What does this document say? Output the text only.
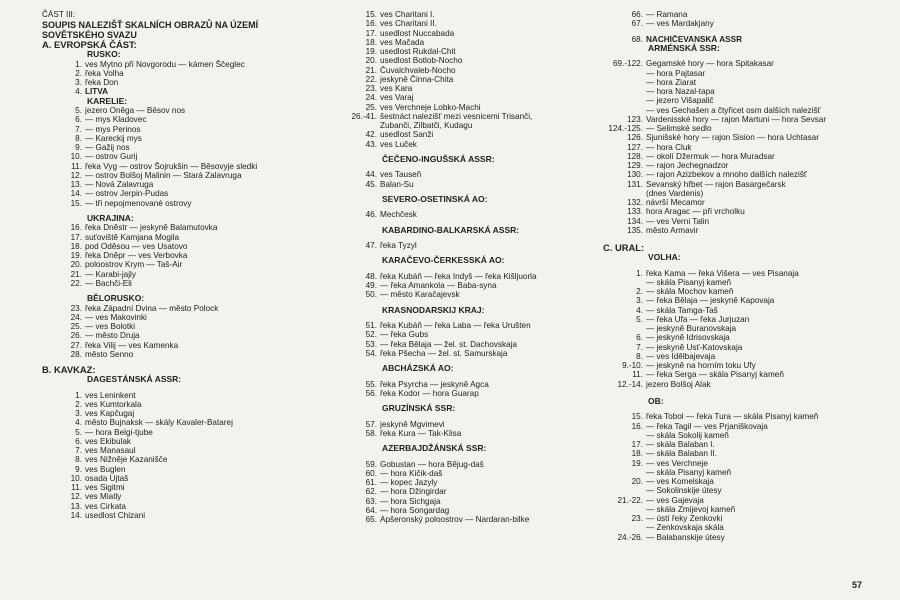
ČÁST III:
SOUPIS NALEZIŠŤ SKALNÍCH OBRAZŮ NA ÚZEMÍ
SOVĚTSKÉHO SVAZU
A. EVROPSKÁ ČÁST:
RUSKO:
1. ves Mytno při Novgorodu — kámen Ščeglec
2. řeka Volha
3. řeka Don
4. LITVA
KARELIE:
5. jezero Oněga — Běsov nos
6. — mys Kladovec
7. — mys Perinos
8. — Kareckij mys
9. — Gažij nos
10. — ostrov Gurij
11. řeka Vyg — ostrov Šojrukšin — Běsovyje sledki
12. — ostrov Bolšoj Malinin — Stará Zalavruga
13. — Nová Zalavruga
14. — ostrov Jerpin-Pudas
15. — tři nepojmenované ostrovy
UKRAJINA:
16. řeka Dněstr — jeskyně Balamutovka
17. suťoviště Kamjana Mogila
18. pod Oděsou — ves Usatovo
19. řeka Dněpr — ves Verbovka
20. poloostrov Krym — Taš-Air
21. — Karabi-jajly
22. — Bachči-Eli
BĚLORUSKO:
23. řeka Západní Dvina — město Polock
24. — ves Makovinki
25. — ves Bolotki
26. — město Druja
27. řeka Vilij — ves Kamenka
28. město Senno
B. KAVKAZ:
DAGESTÁNSKÁ ASSR:
1. ves Leninkent
2. ves Kumtorkala
3. ves Kapčugaj
4. město Bujnaksk — skály Kavaler-Batarej
5. — hora Belgi-tjube
6. ves Ekibulak
7. ves Manasaul
8. ves Nižněje Kazaniščе
9. ves Buglen
10. osada Ujtaš
11. ves Sigitmi
12. ves Miatly
13. ves Cirkata
14. usedlost Chizani
15. ves Charitani I.
16. ves Charitani II.
17. usedlost Nuccabada
18. ves Mačada
19. usedlost Rukdal-Chit
20. usedlost Botlob-Nocho
21. Čuvalchvaleb-Nocho
22. jeskyně Činna-Chita
23. ves Kara
24. ves Varaj
25. ves Verchneje Lobko-Machi
26.-41. šestnáct nalezišť mezi vesnicemi Trisanči,
Zubanči, Zilbatči, Kudagu
42. usedlost Sanži
43. ves Luček
ČEČENO-INGUŠSKÁ ASSR:
44. ves Tauseň
45. Balan-Su
SEVERO-OSETINSKÁ AO:
46. Mechčesk
KABARDINO-BALKARSKÁ ASSR:
47. řeka Tyzyl
KARAČEVO-ČERKESSKÁ AO:
48. řeka Kubáň — řeka Indyš — řeka Kišljuorla
49. — řeka Amankola — Baba-syna
50. — město Karačajevsk
KRASNODARSKIJ KRAJ:
51. řeka Kubáň — řeka Laba — řeka Urušten
52. — řeka Gubs
53. — řeka Bělaja — žel. st. Dachovskaja
54. řeka Pšecha — žel. st. Samurskaja
ABCHÁZSKÁ AO:
55. řeka Psyrcha — jeskyně Agca
56. řeka Kodor — hora Guarap
GRUZÍNSKÁ SSR:
57. jeskyně Mgvimevi
58. řeka Kura — Tak-Klisa
AZERBAJDŽÁNSKÁ SSR:
59. Gobustan — hora Bějug-daš
60. — hora Kičik-daš
61. — kopec Jazyly
62. — hora Džingirdar
63. — hora Sichgaja
64. — hora Songardag
65. Apšeronský poloostrov — Nardaran-bilke
66. — Ramana
67. — ves Mardakjany
68. NACHIČEVANSKÁ ASSR
ARMÉNSKÁ SSR:
69.-122. Gegamské hory — hora Spitakasar
— hora Pajtasar
— hora Ziarat
— hora Nazal-tapa
— jezero Višapalič
— ves Gechašen a čtyřicet osm dalších nalezišť
123. Vardenisské hory — rajon Martuni — hora Sevsar
124.-125. — Selimské sedlo
126. Sjunišské hory — rajon Sision — hora Uchtasar
127. — hora Cluk
128. — okolí Džermuk — hora Muradsar
129. — rajon Jechegnadzor
130. — rajon Azizbekov a mnoho dalších nalezišť
131. Sevanský hřbet — rajon Basargečarsk
(dnes Vardenis)
132. návrší Mecamor
133. hora Aragac — při vrcholku
134. — ves Verni Talin
135. město Armavir
C. URAL:
VOLHA:
1. řeka Kama — řeka Višera — ves Pisanaja
— skála Pisanyj kameň
2. — skála Mochov kameň
3. — řeka Bělaja — jeskyně Kapovaja
4. — skála Tamga-Taš
5. — řeka Ufa — řeka Jurjuzan
— jeskyně Buranovskaja
6. — jeskyně Idrisovskaja
7. — jeskyně Usť-Katovskaja
8. — ves Idělbajevaja
9.-10. — jeskyně na horním toku Ufy
11. — řeka Serga — skála Pisanyj kameň
12.-14. jezero Bolšoj Alak
OB:
15. řeka Tobol — řeka Tura — skála Pisanyj kameň
16. — řeka Tagil — ves Prjaniškovaja
— skála Sokolij kameň
17. — skála Balaban I.
18. — skála Balaban II.
19. — ves Verchneje
— skála Pisanyj kameň
20. — ves Komelskaja
— Sokolinskije útesy
21.-22. — ves Gajevaja
— skála Zmijevoj kameň
23. — ústí řeky Zenkovki
— Zenkovskaja skála
24.-26. — Balabanskije útesy
57
